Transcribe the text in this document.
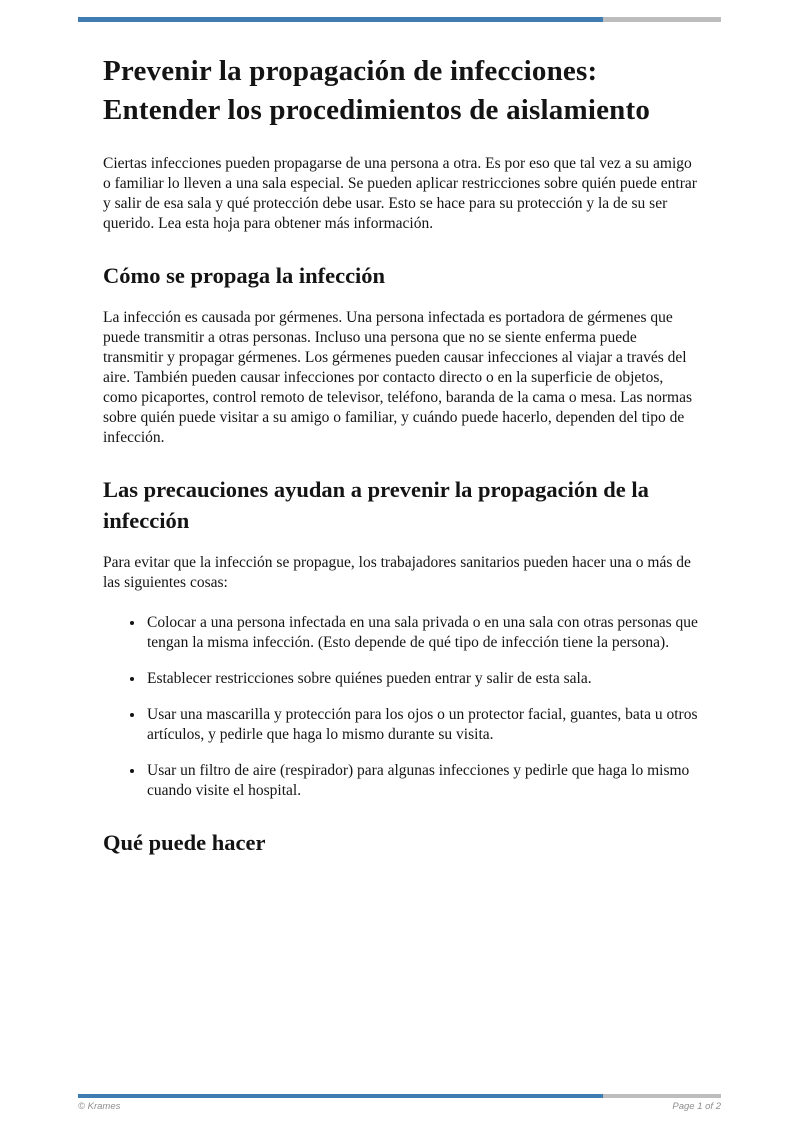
Prevenir la propagación de infecciones: Entender los procedimientos de aislamiento

Ciertas infecciones pueden propagarse de una persona a otra. Es por eso que tal vez a su amigo o familiar lo lleven a una sala especial. Se pueden aplicar restricciones sobre quién puede entrar y salir de esa sala y qué protección debe usar. Esto se hace para su protección y la de su ser querido. Lea esta hoja para obtener más información.

Cómo se propaga la infección

La infección es causada por gérmenes. Una persona infectada es portadora de gérmenes que puede transmitir a otras personas. Incluso una persona que no se siente enferma puede transmitir y propagar gérmenes. Los gérmenes pueden causar infecciones al viajar a través del aire. También pueden causar infecciones por contacto directo o en la superficie de objetos, como picaportes, control remoto de televisor, teléfono, baranda de la cama o mesa. Las normas sobre quién puede visitar a su amigo o familiar, y cuándo puede hacerlo, dependen del tipo de infección.

Las precauciones ayudan a prevenir la propagación de la infección

Para evitar que la infección se propague, los trabajadores sanitarios pueden hacer una o más de las siguientes cosas:

• Colocar a una persona infectada en una sala privada o en una sala con otras personas que tengan la misma infección. (Esto depende de qué tipo de infección tiene la persona).
• Establecer restricciones sobre quiénes pueden entrar y salir de esta sala.
• Usar una mascarilla y protección para los ojos o un protector facial, guantes, bata u otros artículos, y pedirle que haga lo mismo durante su visita.
• Usar un filtro de aire (respirador) para algunas infecciones y pedirle que haga lo mismo cuando visite el hospital.
Qué puede hacer
© Krames	Page 1 of 2
